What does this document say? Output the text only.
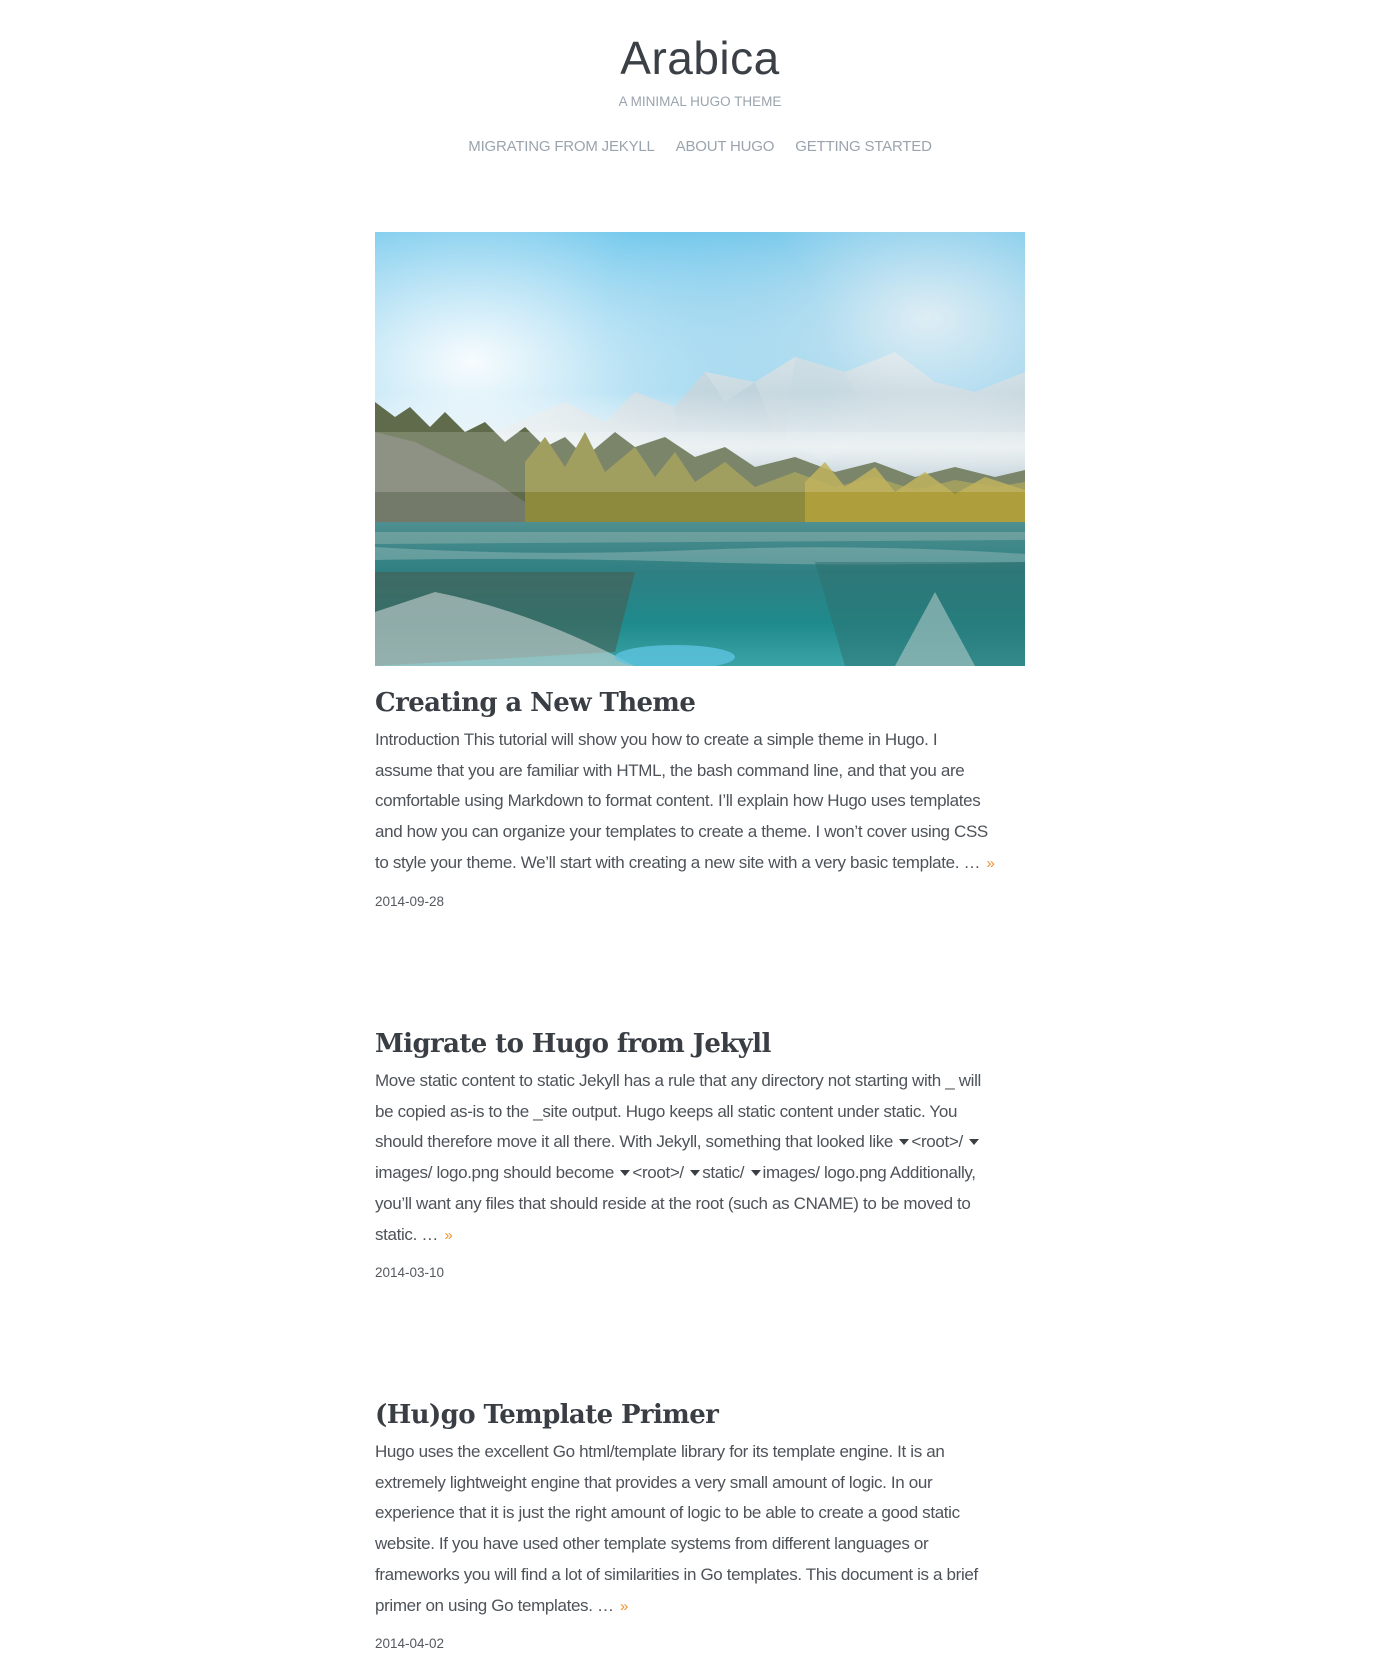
Arabica
A MINIMAL HUGO THEME
MIGRATING FROM JEKYLL ABOUT HUGO GETTING STARTED
Creating a New Theme
Introduction This tutorial will show you how to create a simple theme in Hugo. I
assume that you are familiar with HTML, the bash command line, and that you are
comfortable using Markdown to format content. I’ll explain how Hugo uses templates
and how you can organize your templates to create a theme. I won’t cover using CSS
to style your theme. We’ll start with creating a new site with a very basic template. … »
2014-09-28
Migrate to Hugo from Jekyll
Move static content to static Jekyll has a rule that any directory not starting with _ will
be copied as-is to the _site output. Hugo keeps all static content under static. You
should therefore move it all there. With Jekyll, something that looked like <root>/
images/ logo.png should become <root>/ static/ images/ logo.png Additionally,
you’ll want any files that should reside at the root (such as CNAME) to be moved to
static. … »
2014-03-10
(Hu)go Template Primer
Hugo uses the excellent Go html/template library for its template engine. It is an
extremely lightweight engine that provides a very small amount of logic. In our
experience that it is just the right amount of logic to be able to create a good static
website. If you have used other template systems from different languages or
frameworks you will find a lot of similarities in Go templates. This document is a brief
primer on using Go templates. … »
2014-04-02
